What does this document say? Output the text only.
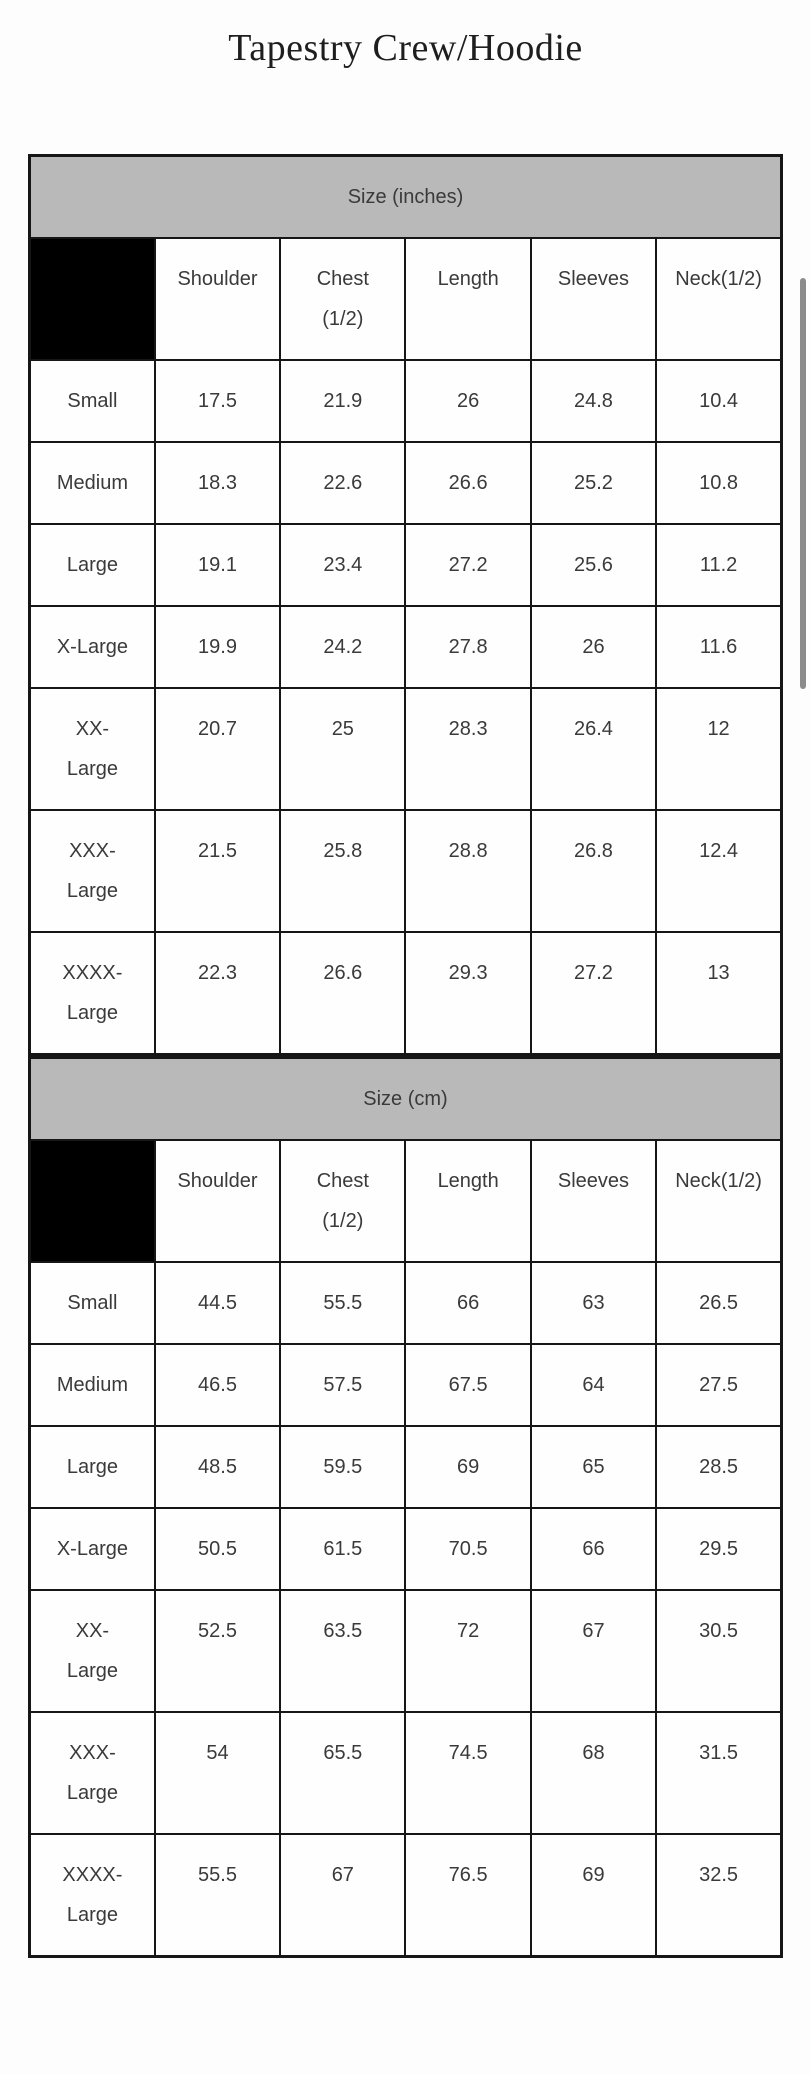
Tapestry Crew/Hoodie
Size (inches)					
	Shoulder	Chest (1/2)	Length	Sleeves	Neck(1/2)
Small	17.5	21.9	26	24.8	10.4
Medium	18.3	22.6	26.6	25.2	10.8
Large	19.1	23.4	27.2	25.6	11.2
X-Large	19.9	24.2	27.8	26	11.6
XX-Large	20.7	25	28.3	26.4	12
XXX-Large	21.5	25.8	28.8	26.8	12.4
XXXX-Large	22.3	26.6	29.3	27.2	13
Size (cm)					
	Shoulder	Chest (1/2)	Length	Sleeves	Neck(1/2)
Small	44.5	55.5	66	63	26.5
Medium	46.5	57.5	67.5	64	27.5
Large	48.5	59.5	69	65	28.5
X-Large	50.5	61.5	70.5	66	29.5
XX-Large	52.5	63.5	72	67	30.5
XXX-Large	54	65.5	74.5	68	31.5
XXXX-Large	55.5	67	76.5	69	32.5
